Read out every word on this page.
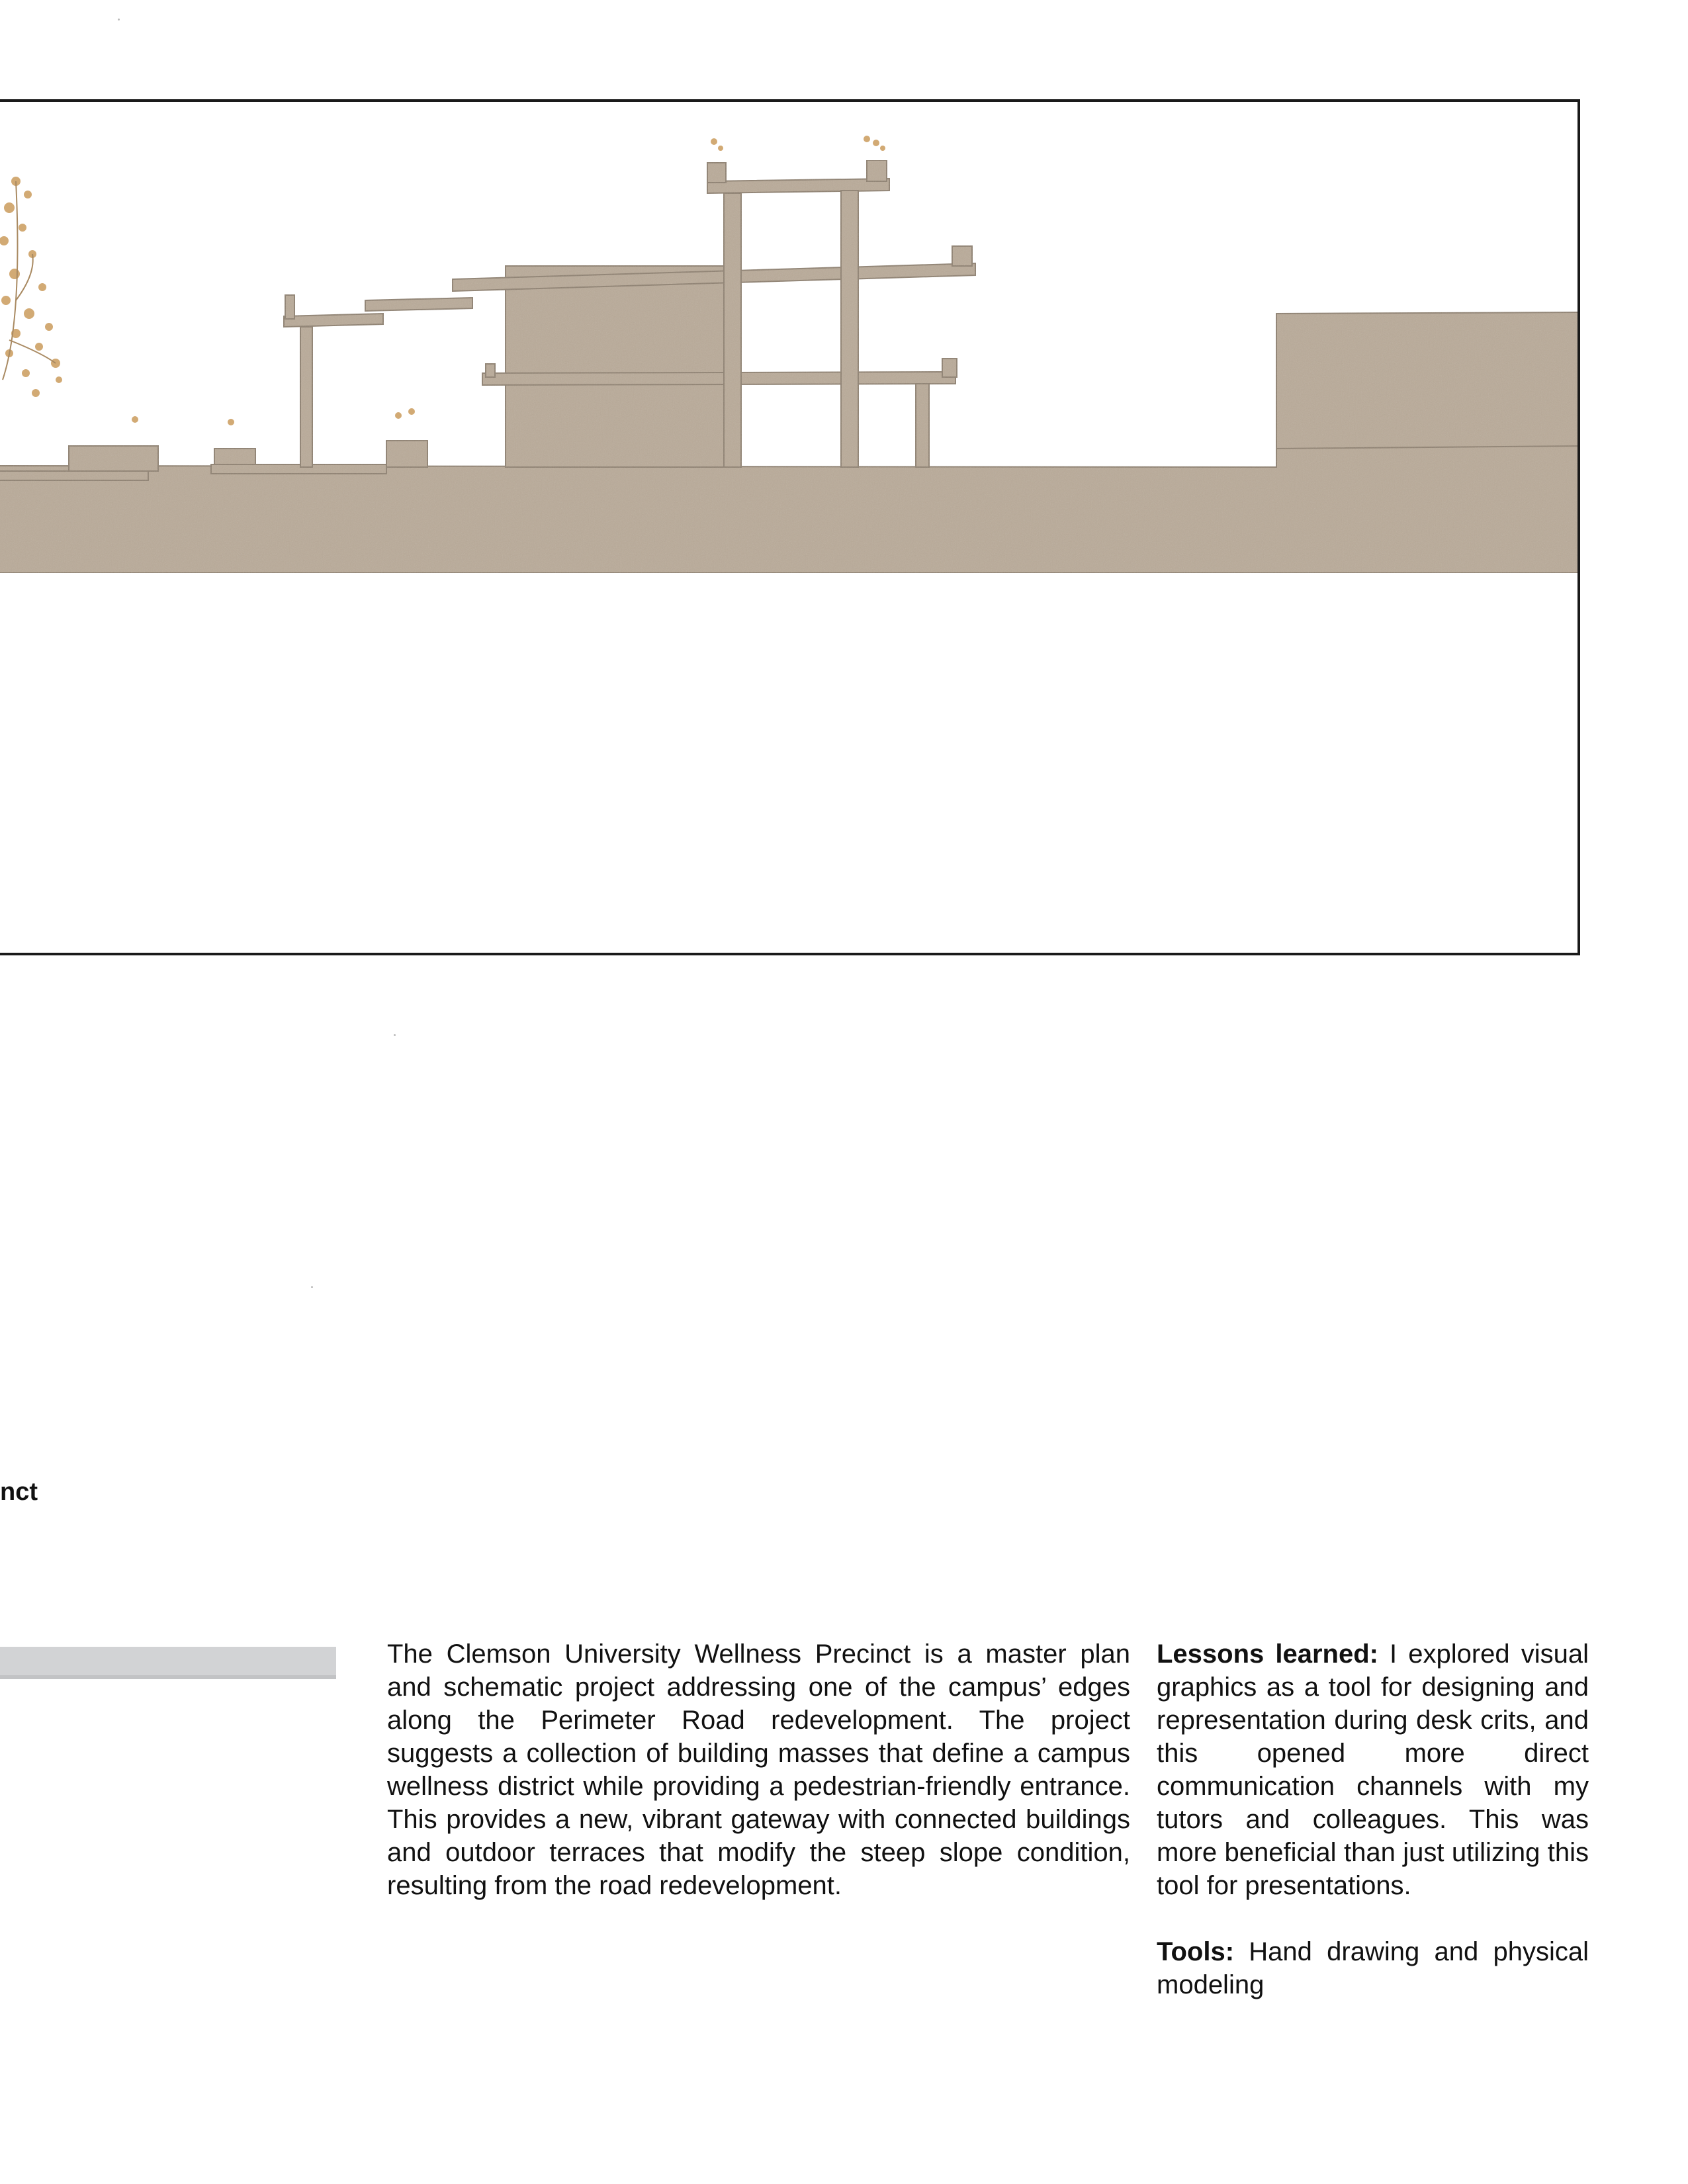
nct

The Clemson University Wellness Precinct is a master plan and schematic project addressing one of the campus’ edges along the Perimeter Road redevelopment. The project suggests a collection of building masses that define a campus wellness district while providing a pedestrian-friendly entrance. This provides a new, vibrant gateway with connected buildings and outdoor terraces that modify the steep slope condition, resulting from the road redevelopment.

Lessons learned: I explored visual graphics as a tool for designing and representation during desk crits, and this opened more direct communication channels with my tutors and colleagues. This was more beneficial than just utilizing this tool for presentations.

Tools: Hand drawing and physical modeling
